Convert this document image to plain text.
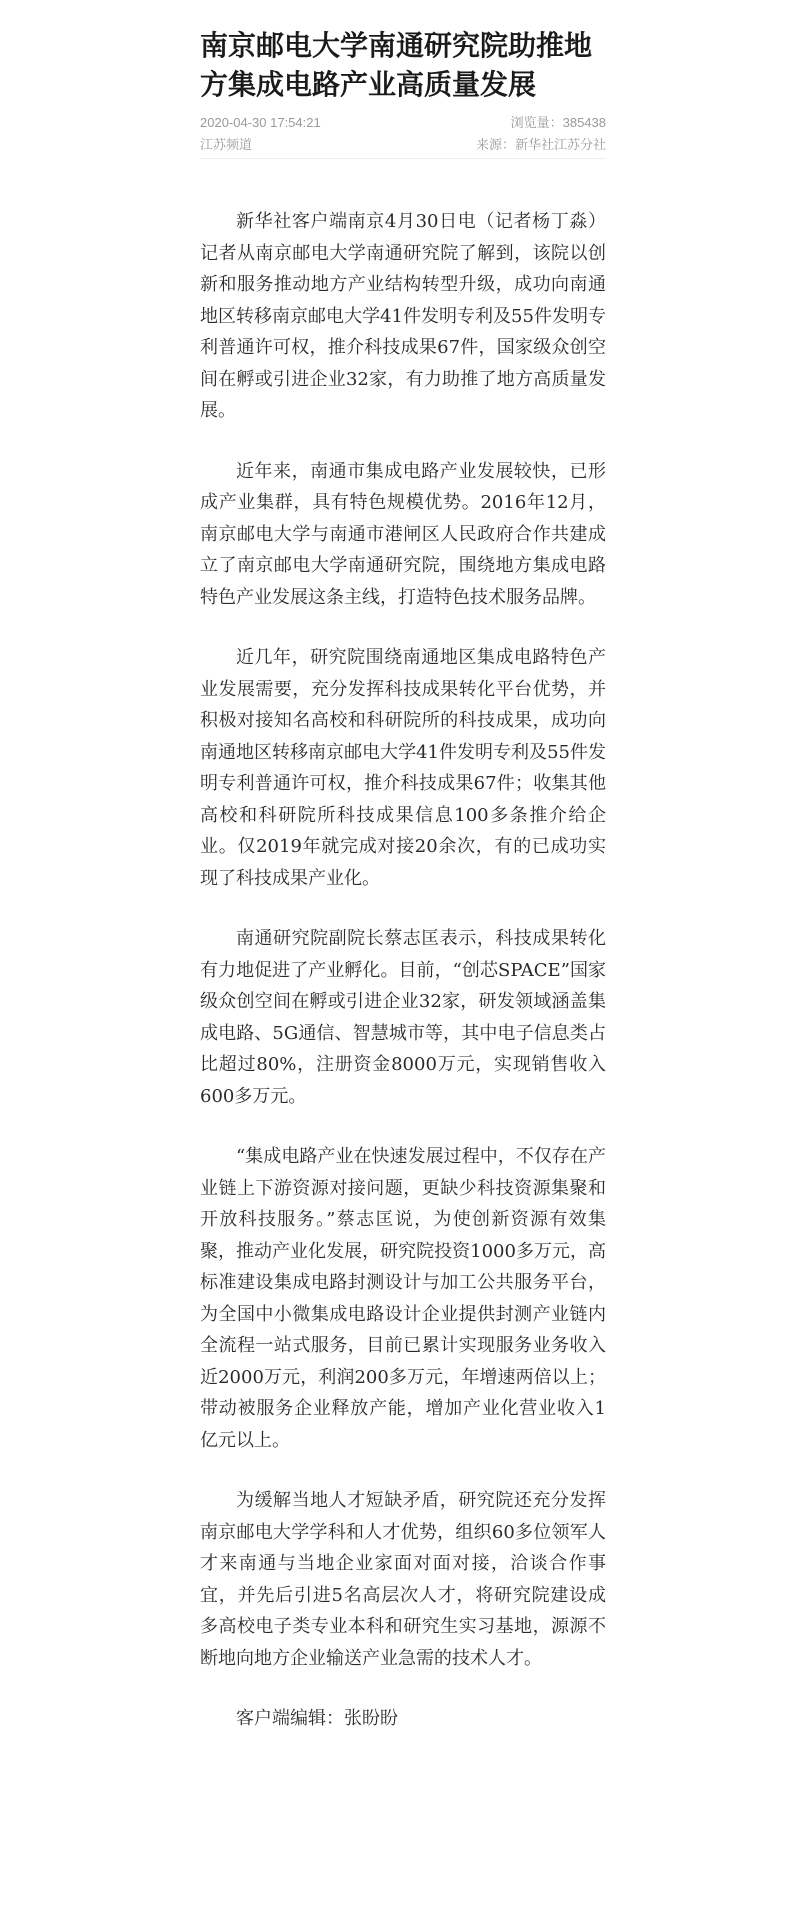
南京邮电大学南通研究院助推地方集成电路产业高质量发展
2020-04-30 17:54:21	浏览量：385438
江苏频道	来源：新华社江苏分社

新华社客户端南京4月30日电（记者杨丁淼）记者从南京邮电大学南通研究院了解到，该院以创新和服务推动地方产业结构转型升级，成功向南通地区转移南京邮电大学41件发明专利及55件发明专利普通许可权，推介科技成果67件，国家级众创空间在孵或引进企业32家，有力助推了地方高质量发展。

近年来，南通市集成电路产业发展较快，已形成产业集群，具有特色规模优势。2016年12月，南京邮电大学与南通市港闸区人民政府合作共建成立了南京邮电大学南通研究院，围绕地方集成电路特色产业发展这条主线，打造特色技术服务品牌。

近几年，研究院围绕南通地区集成电路特色产业发展需要，充分发挥科技成果转化平台优势，并积极对接知名高校和科研院所的科技成果，成功向南通地区转移南京邮电大学41件发明专利及55件发明专利普通许可权，推介科技成果67件；收集其他高校和科研院所科技成果信息100多条推介给企业。仅2019年就完成对接20余次，有的已成功实现了科技成果产业化。

南通研究院副院长蔡志匡表示，科技成果转化有力地促进了产业孵化。目前，“创芯SPACE”国家级众创空间在孵或引进企业32家，研发领域涵盖集成电路、5G通信、智慧城市等，其中电子信息类占比超过80%，注册资金8000万元，实现销售收入600多万元。

“集成电路产业在快速发展过程中，不仅存在产业链上下游资源对接问题，更缺少科技资源集聚和开放科技服务。”蔡志匡说，为使创新资源有效集聚，推动产业化发展，研究院投资1000多万元，高标准建设集成电路封测设计与加工公共服务平台，为全国中小微集成电路设计企业提供封测产业链内全流程一站式服务，目前已累计实现服务业务收入近2000万元，利润200多万元，年增速两倍以上；带动被服务企业释放产能，增加产业化营业收入1亿元以上。

为缓解当地人才短缺矛盾，研究院还充分发挥南京邮电大学学科和人才优势，组织60多位领军人才来南通与当地企业家面对面对接，洽谈合作事宜，并先后引进5名高层次人才，将研究院建设成多高校电子类专业本科和研究生实习基地，源源不断地向地方企业输送产业急需的技术人才。

客户端编辑：张盼盼
